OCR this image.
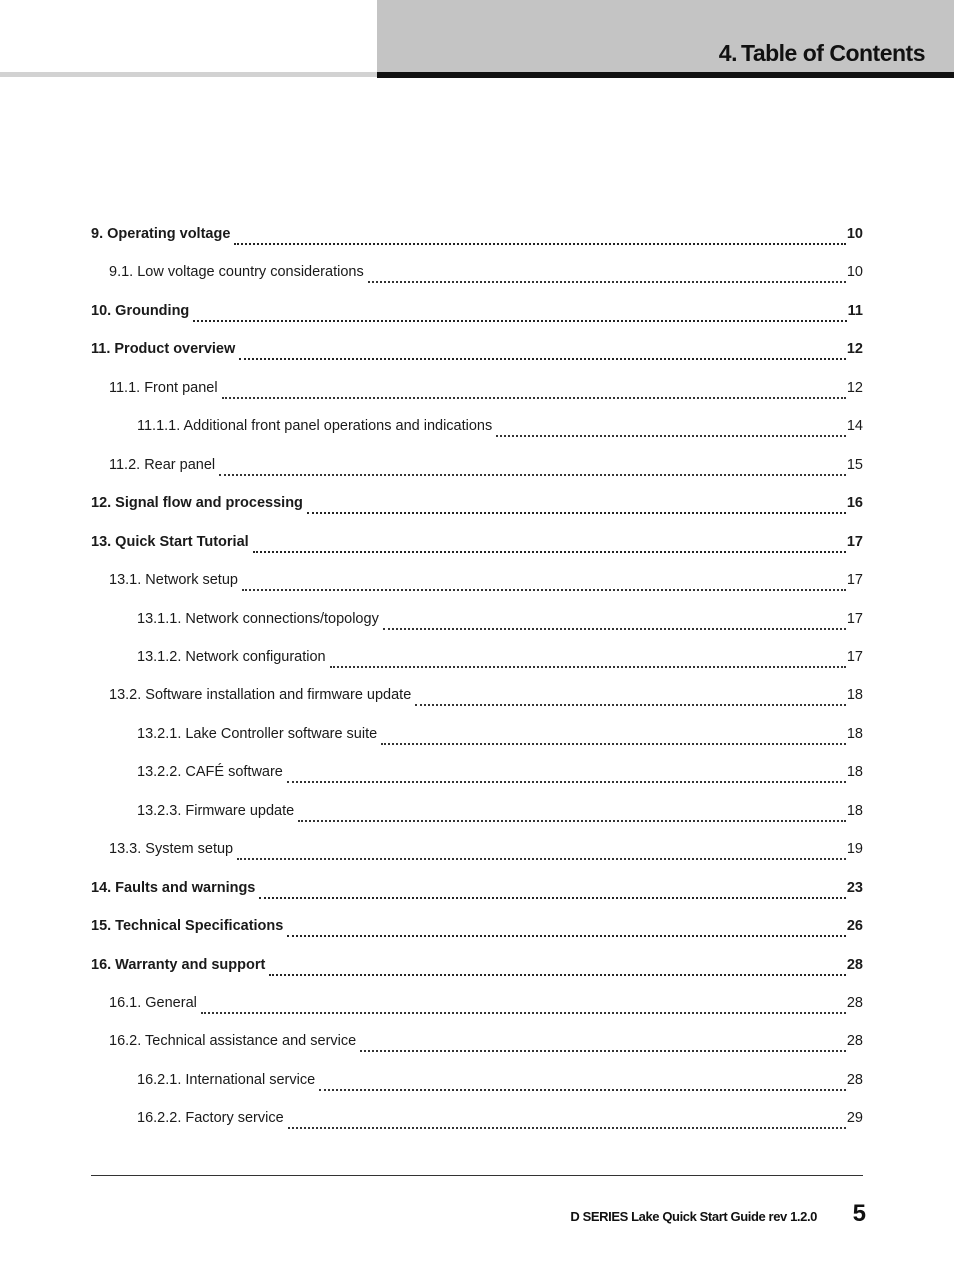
4. Table of Contents
9. Operating voltage	10
9.1. Low voltage country considerations	10
10. Grounding	11
11. Product overview	12
11.1. Front panel	12
11.1.1. Additional front panel operations and indications	14
11.2. Rear panel	15
12. Signal flow and processing	16
13. Quick Start Tutorial	17
13.1. Network setup	17
13.1.1. Network connections/topology	17
13.1.2. Network configuration	17
13.2. Software installation and firmware update	18
13.2.1. Lake Controller software suite	18
13.2.2. CAFÉ software	18
13.2.3. Firmware update	18
13.3. System setup	19
14. Faults and warnings	23
15. Technical Specifications	26
16. Warranty and support	28
16.1. General	28
16.2. Technical assistance and service	28
16.2.1. International service	28
16.2.2. Factory service	29
D SERIES Lake Quick Start Guide rev 1.2.0 5
